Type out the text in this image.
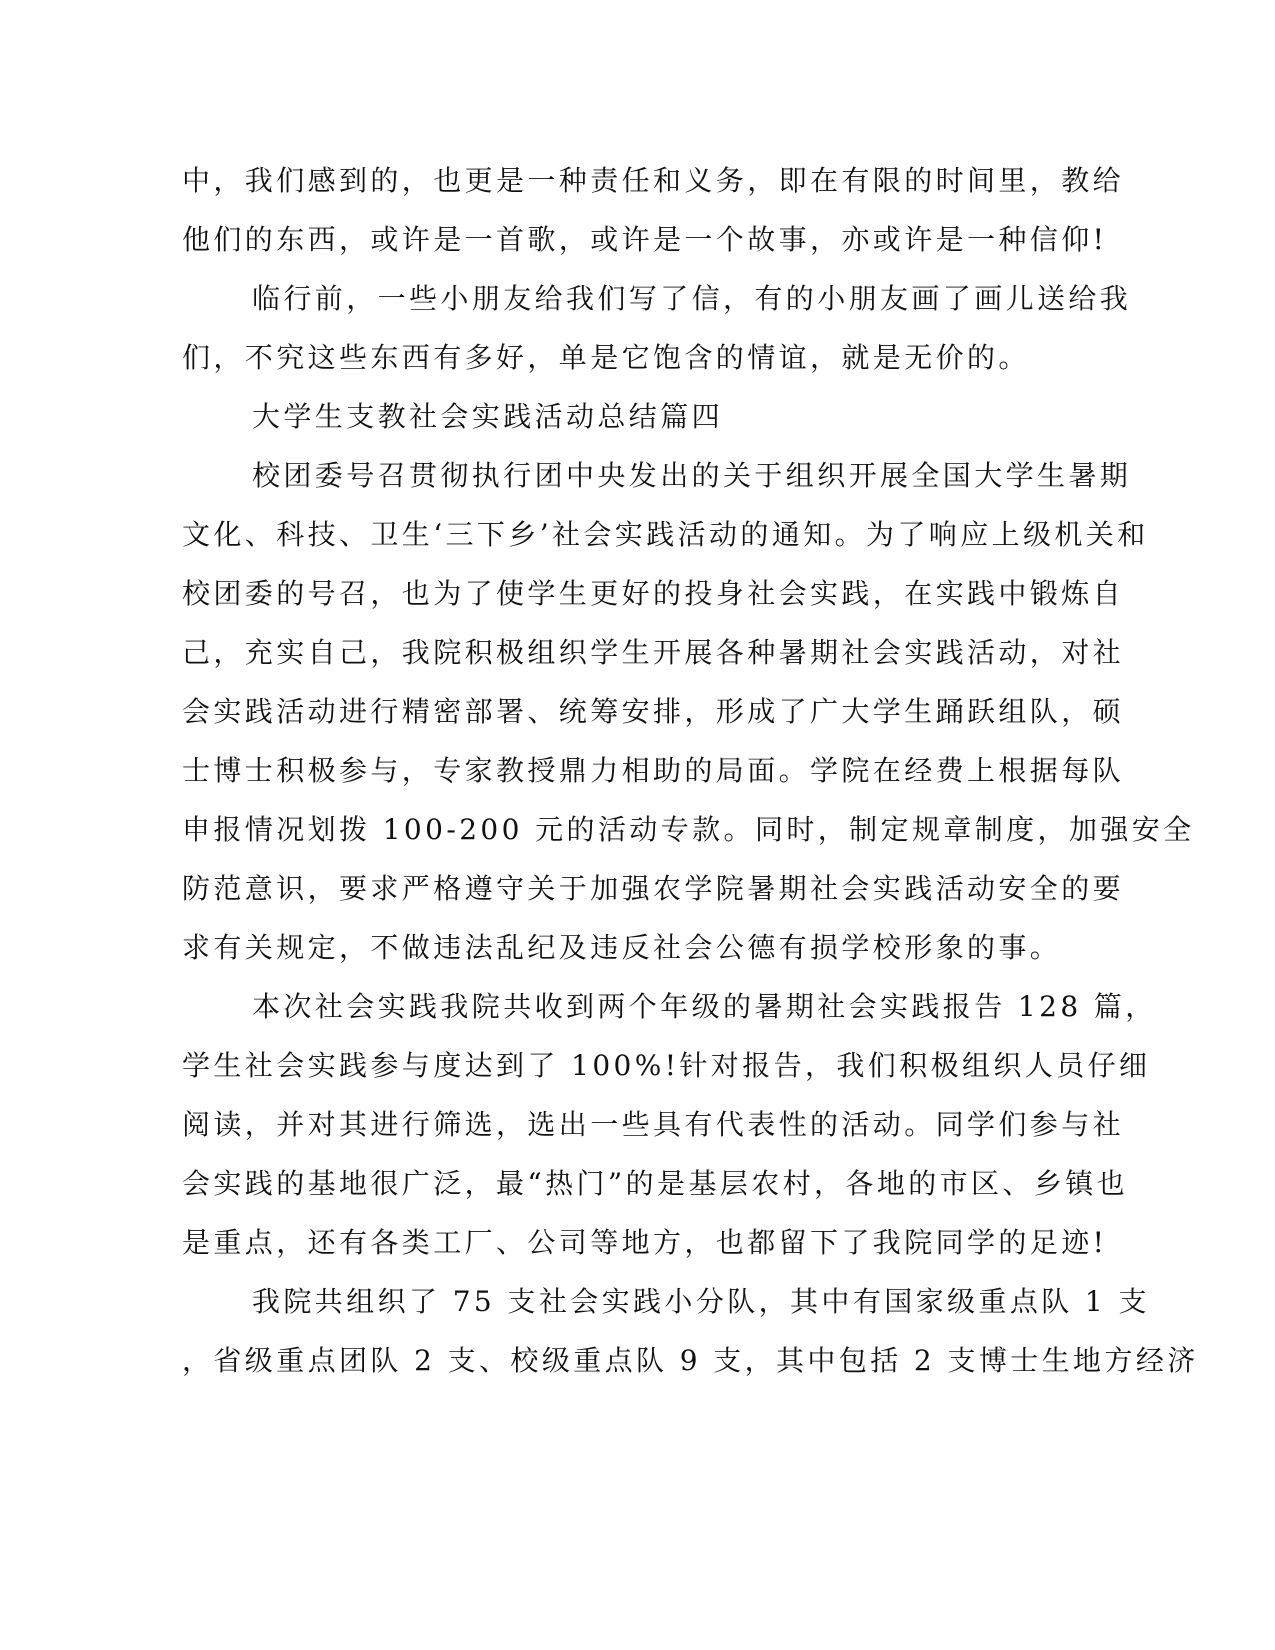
中，我们感到的，也更是一种责任和义务，即在有限的时间里，教给
他们的东西，或许是一首歌，或许是一个故事，亦或许是一种信仰!
临行前，一些小朋友给我们写了信，有的小朋友画了画儿送给我
们，不究这些东西有多好，单是它饱含的情谊，就是无价的。
大学生支教社会实践活动总结篇四
校团委号召贯彻执行团中央发出的关于组织开展全国大学生暑期
文化、科技、卫生‘三下乡’社会实践活动的通知。为了响应上级机关和
校团委的号召，也为了使学生更好的投身社会实践，在实践中锻炼自
己，充实自己，我院积极组织学生开展各种暑期社会实践活动，对社
会实践活动进行精密部署、统筹安排，形成了广大学生踊跃组队，硕
士博士积极参与，专家教授鼎力相助的局面。学院在经费上根据每队
申报情况划拨 100-200 元的活动专款。同时，制定规章制度，加强安全
防范意识，要求严格遵守关于加强农学院暑期社会实践活动安全的要
求有关规定，不做违法乱纪及违反社会公德有损学校形象的事。
本次社会实践我院共收到两个年级的暑期社会实践报告 128 篇，
学生社会实践参与度达到了 100%!针对报告，我们积极组织人员仔细
阅读，并对其进行筛选，选出一些具有代表性的活动。同学们参与社
会实践的基地很广泛，最“热门”的是基层农村，各地的市区、乡镇也
是重点，还有各类工厂、公司等地方，也都留下了我院同学的足迹!
我院共组织了 75 支社会实践小分队，其中有国家级重点队 1 支
，省级重点团队 2 支、校级重点队 9 支，其中包括 2 支博士生地方经济
